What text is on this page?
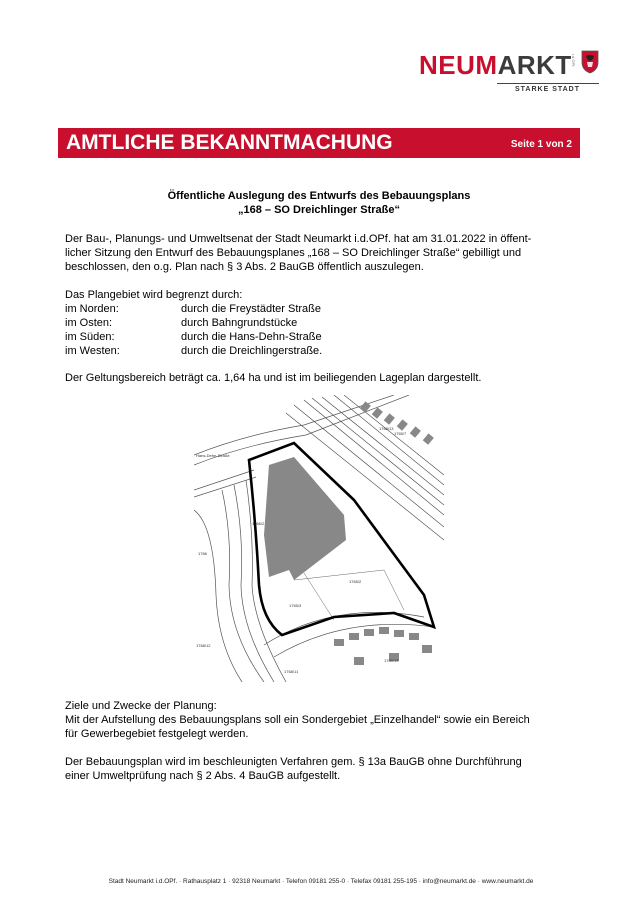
NEUMARKT i.d.OPf.
STARKE STADT
AMTLICHE BEKANNTMACHUNG	Seite 1 von 2
Öffentliche Auslegung des Entwurfs des Bebauungsplans
„168 – SO Dreichlinger Straße“
Der Bau-, Planungs- und Umweltsenat der Stadt Neumarkt i.d.OPf. hat am 31.01.2022 in öffent-
licher Sitzung den Entwurf des Bebauungsplanes „168 – SO Dreichlinger Straße“ gebilligt und
beschlossen, den o.g. Plan nach § 3 Abs. 2 BauGB öffentlich auszulegen.
Das Plangebiet wird begrenzt durch:
im Norden:	durch die Freystädter Straße
im Osten:	durch Bahngrundstücke
im Süden:	durch die Hans-Dehn-Straße
im Westen:	durch die Dreichlingerstraße.
Der Geltungsbereich beträgt ca. 1,64 ha und ist im beiliegenden Lageplan dargestellt.
Hans-Dehn-Straße
1766
1766/2
1765/3
1765/2
1768/12
1768/13
1765/7
1765/13
1768/11
Ziele und Zwecke der Planung:
Mit der Aufstellung des Bebauungsplans soll ein Sondergebiet „Einzelhandel“ sowie ein Bereich
für Gewerbegebiet festgelegt werden.
Der Bebauungsplan wird im beschleunigten Verfahren gem. § 13a BauGB ohne Durchführung
einer Umweltprüfung nach § 2 Abs. 4 BauGB aufgestellt.
Stadt Neumarkt i.d.OPf. · Rathausplatz 1 · 92318 Neumarkt · Telefon 09181 255-0 · Telefax 09181 255-195 · info@neumarkt.de · www.neumarkt.de
